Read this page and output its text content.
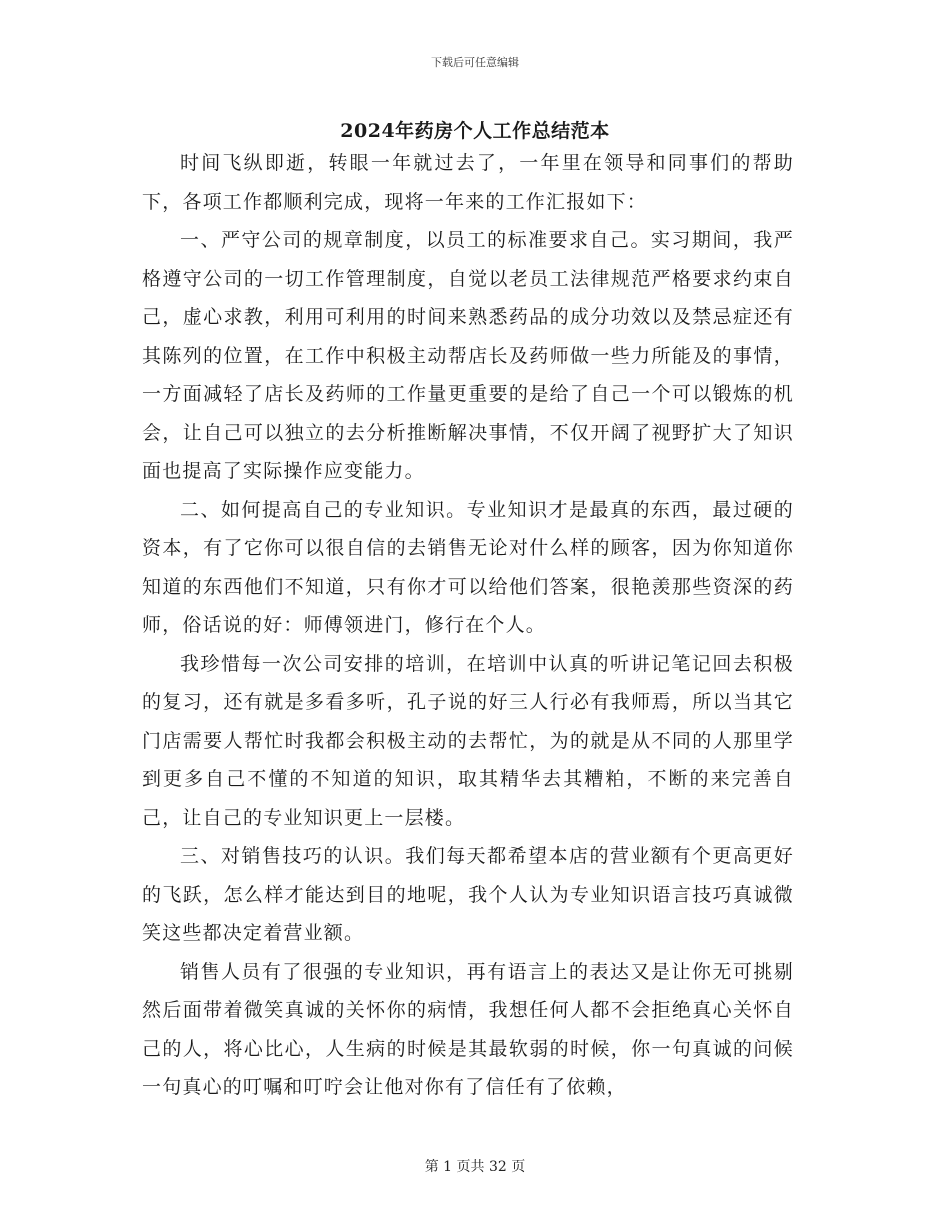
下载后可任意编辑
2024年药房个人工作总结范本

时间飞纵即逝，转眼一年就过去了，一年里在领导和同事们的帮助下，各项工作都顺利完成，现将一年来的工作汇报如下：

一、严守公司的规章制度，以员工的标准要求自己。实习期间，我严格遵守公司的一切工作管理制度，自觉以老员工法律规范严格要求约束自己，虚心求教，利用可利用的时间来熟悉药品的成分功效以及禁忌症还有其陈列的位置，在工作中积极主动帮店长及药师做一些力所能及的事情，一方面减轻了店长及药师的工作量更重要的是给了自己一个可以锻炼的机会，让自己可以独立的去分析推断解决事情，不仅开阔了视野扩大了知识面也提高了实际操作应变能力。

二、如何提高自己的专业知识。专业知识才是最真的东西，最过硬的资本，有了它你可以很自信的去销售无论对什么样的顾客，因为你知道你知道的东西他们不知道，只有你才可以给他们答案，很艳羡那些资深的药师，俗话说的好：师傅领进门，修行在个人。

我珍惜每一次公司安排的培训，在培训中认真的听讲记笔记回去积极的复习，还有就是多看多听，孔子说的好三人行必有我师焉，所以当其它门店需要人帮忙时我都会积极主动的去帮忙，为的就是从不同的人那里学到更多自己不懂的不知道的知识，取其精华去其糟粕，不断的来完善自己，让自己的专业知识更上一层楼。

三、对销售技巧的认识。我们每天都希望本店的营业额有个更高更好的飞跃，怎么样才能达到目的地呢，我个人认为专业知识语言技巧真诚微笑这些都决定着营业额。

销售人员有了很强的专业知识，再有语言上的表达又是让你无可挑剔然后面带着微笑真诚的关怀你的病情，我想任何人都不会拒绝真心关怀自己的人，将心比心，人生病的时候是其最软弱的时候，你一句真诚的问候一句真心的叮嘱和叮咛会让他对你有了信任有了依赖，

第 1 页共 32 页
